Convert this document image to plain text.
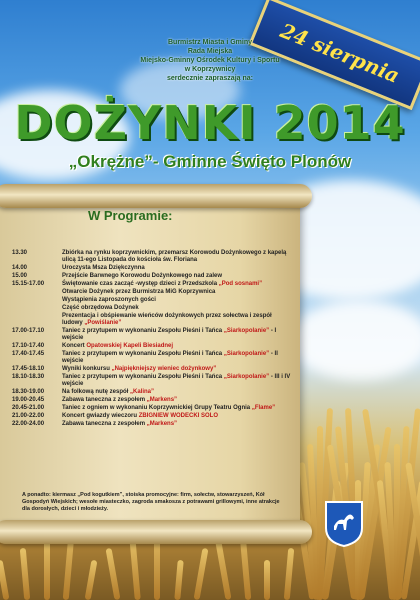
24 sierpnia
Burmistrz Miasta i Gminy
Rada Miejska
Miejsko-Gminny Ośrodek Kultury i Sportu
w Koprzywnicy
serdecznie zapraszają na:
DOŻYNKI 2014
„Okrężne”- Gminne Święto Plonów
W Programie:
13.30	Zbiórka na rynku koprzywnickim, przemarsz Korowodu Dożynkowego z kapelą ulicą 11-ego Listopada do kościoła św. Floriana
14.00	Uroczysta Msza Dziękczynna
15.00	Przejście Barwnego Korowodu Dożynkowego nad zalew
15.15-17.00	Świętowanie czas zacząć -występ dzieci z Przedszkola „Pod sosnami”
Otwarcie Dożynek przez Burmistrza MiG Koprzywnica
Wystąpienia zaproszonych gości
Część obrzędowa Dożynek
Prezentacja i obśpiewanie wieńców dożynkowych przez sołectwa i zespół ludowy „Powiślanie”
17.00-17.10	Taniec z przytupem w wykonaniu Zespołu Pieśni i Tańca „Siarkopolanie” - I wejście
17.10-17.40	Koncert Opatowskiej Kapeli Biesiadnej
17.40-17.45	Taniec z przytupem w wykonaniu Zespołu Pieśni i Tańca „Siarkopolanie” - II wejście
17.45-18.10	Wyniki konkursu „Najpiękniejszy wieniec dożynkowy”
18.10-18.30	Taniec z przytupem w wykonaniu Zespołu Pieśni i Tańca „Siarkopolanie” - III i IV wejście
18.30-19.00	Na folkową nutę zespół „Kalina”
19.00-20.45	Zabawa taneczna z zespołem „Markens”
20.45-21.00	Taniec z ogniem w wykonaniu Koprzywnickiej Grupy Teatru Ognia „Flame”
21.00-22.00	Koncert gwiazdy wieczoru ZBIGNIEW WODECKI SOLO
22.00-24.00	Zabawa taneczna z zespołem „Markens”
A ponadto: kiermasz „Pod kogutkiem”, stoiska promocyjne: firm, sołectw, stowarzyszeń, Kół Gospodyń Wiejskich; wesołe miasteczko, zagroda smakosza z potrawami grillowymi, inne atrakcje dla dorosłych, dzieci i młodzieży.
